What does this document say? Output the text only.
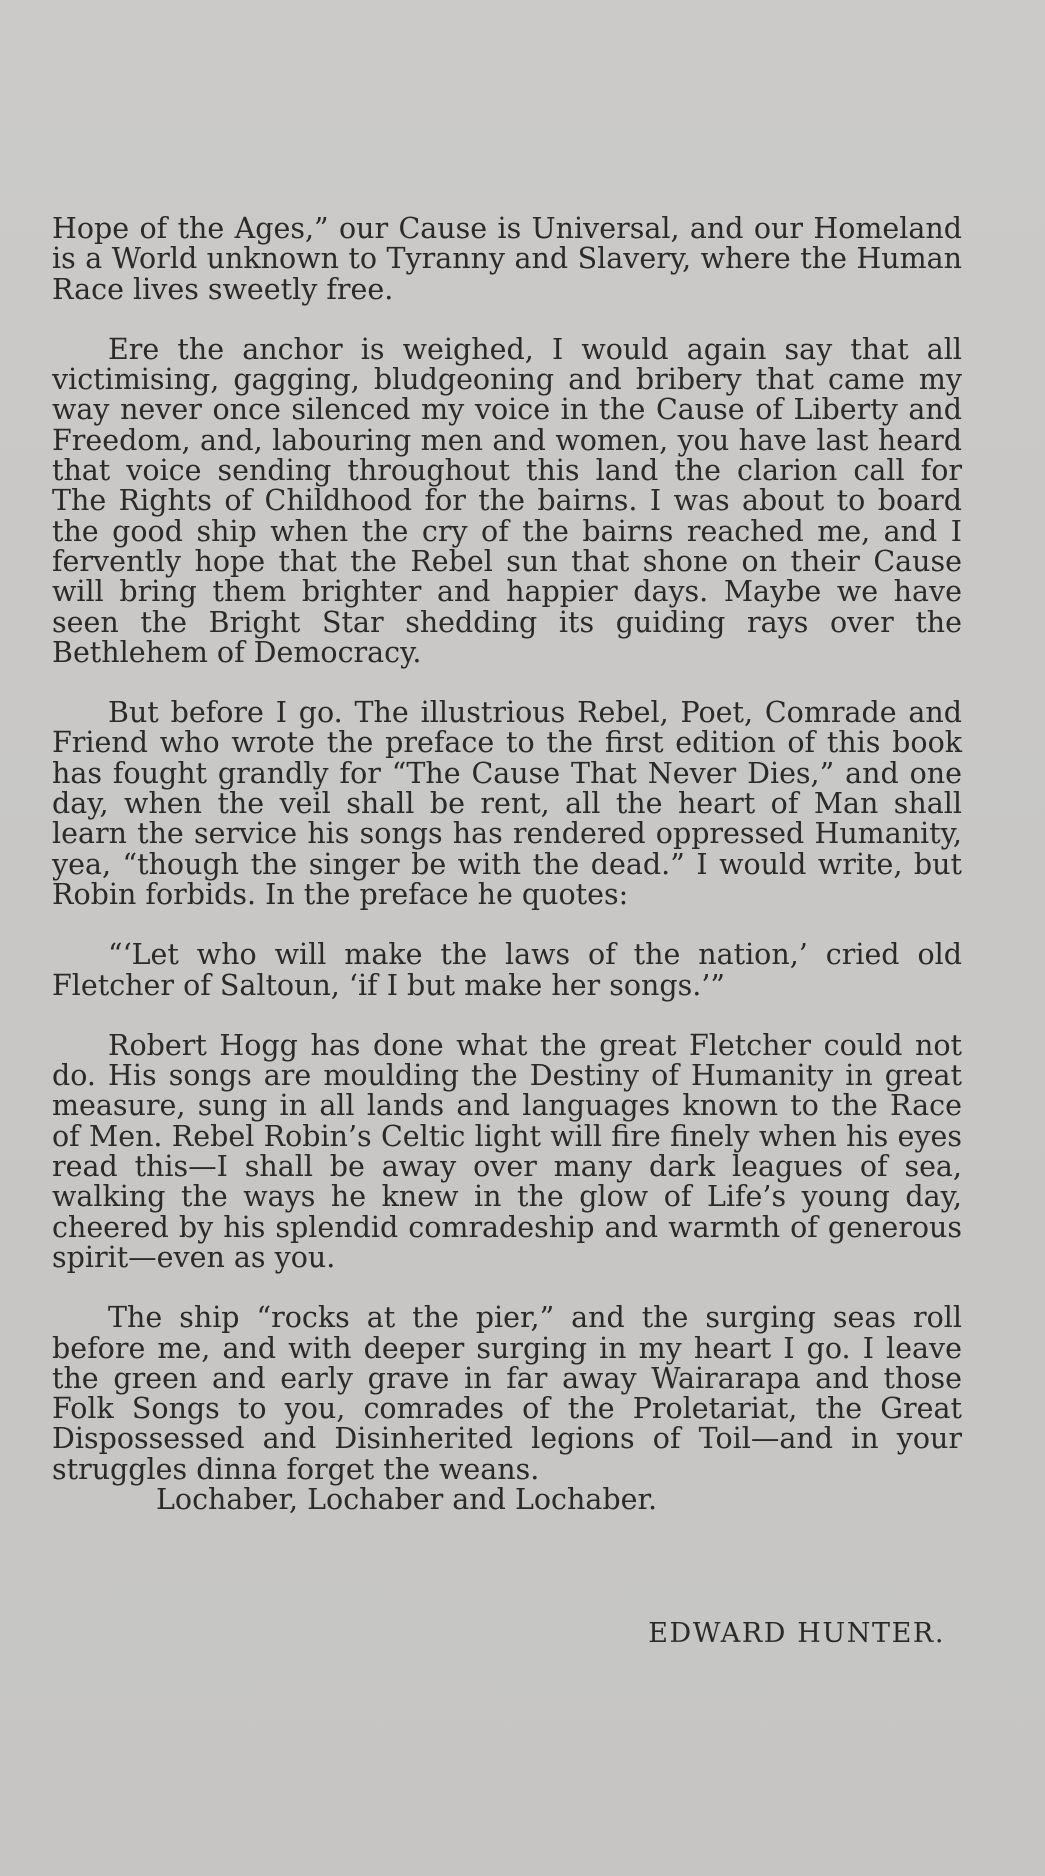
Hope of the Ages,” our Cause is Universal, and our Homeland is a World unknown to Tyranny and Slavery, where the Human Race lives sweetly free.

Ere the anchor is weighed, I would again say that all victimising, gagging, bludgeoning and bribery that came my way never once silenced my voice in the Cause of Liberty and Freedom, and, labouring men and women, you have last heard that voice sending throughout this land the clarion call for The Rights of Childhood for the bairns. I was about to board the good ship when the cry of the bairns reached me, and I fervently hope that the Rebel sun that shone on their Cause will bring them brighter and happier days. Maybe we have seen the Bright Star shedding its guiding rays over the Bethlehem of Democracy.

But before I go. The illustrious Rebel, Poet, Comrade and Friend who wrote the preface to the first edition of this book has fought grandly for “The Cause That Never Dies,” and one day, when the veil shall be rent, all the heart of Man shall learn the service his songs has rendered oppressed Humanity, yea, “though the singer be with the dead.” I would write, but Robin forbids. In the preface he quotes:

“‘Let who will make the laws of the nation,’ cried old Fletcher of Saltoun, ‘if I but make her songs.’”

Robert Hogg has done what the great Fletcher could not do. His songs are moulding the Destiny of Humanity in great measure, sung in all lands and languages known to the Race of Men. Rebel Robin’s Celtic light will fire finely when his eyes read this—I shall be away over many dark leagues of sea, walking the ways he knew in the glow of Life’s young day, cheered by his splendid comradeship and warmth of generous spirit—even as you.

The ship “rocks at the pier,” and the surging seas roll before me, and with deeper surging in my heart I go. I leave the green and early grave in far away Wairarapa and those Folk Songs to you, comrades of the Proletariat, the Great Dispossessed and Disinherited legions of Toil—and in your struggles dinna forget the weans.

Lochaber, Lochaber and Lochaber.

EDWARD HUNTER.
